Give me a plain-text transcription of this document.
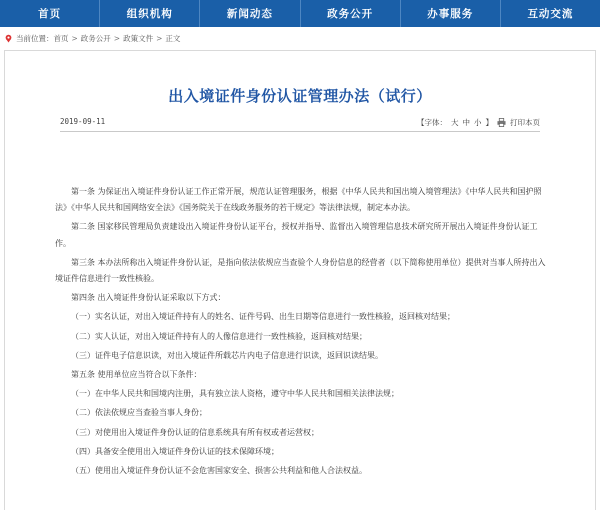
首页	组织机构	新闻动态	政务公开	办事服务	互动交流
当前位置： 首页 > 政务公开 > 政策文件 > 正文
出入境证件身份认证管理办法（试行）
2019-09-11	【字体： 大 中 小 】 打印本页

第一条 为保证出入境证件身份认证工作正常开展，规范认证管理服务，根据《中华人民共和国出境入境管理法》《中华人民共和国护照法》《中华人民共和国网络安全法》《国务院关于在线政务服务的若干规定》等法律法规，制定本办法。

第二条 国家移民管理局负责建设出入境证件身份认证平台，授权并指导、监督出入境管理信息技术研究所开展出入境证件身份认证工作。

第三条 本办法所称出入境证件身份认证，是指向依法依规应当查验个人身份信息的经营者（以下简称使用单位）提供对当事人所持出入境证件信息进行一致性核验。

第四条 出入境证件身份认证采取以下方式：

（一）实名认证，对出入境证件持有人的姓名、证件号码、出生日期等信息进行一致性核验，返回核对结果；

（二）实人认证，对出入境证件持有人的人像信息进行一致性核验，返回核对结果；

（三）证件电子信息识读，对出入境证件所载芯片内电子信息进行识读，返回识读结果。

第五条 使用单位应当符合以下条件：

（一）在中华人民共和国境内注册，具有独立法人资格，遵守中华人民共和国相关法律法规；

（二）依法依规应当查验当事人身份；

（三）对使用出入境证件身份认证的信息系统具有所有权或者运营权；

（四）具备安全使用出入境证件身份认证的技术保障环境；

（五）使用出入境证件身份认证不会危害国家安全、损害公共利益和他人合法权益。
